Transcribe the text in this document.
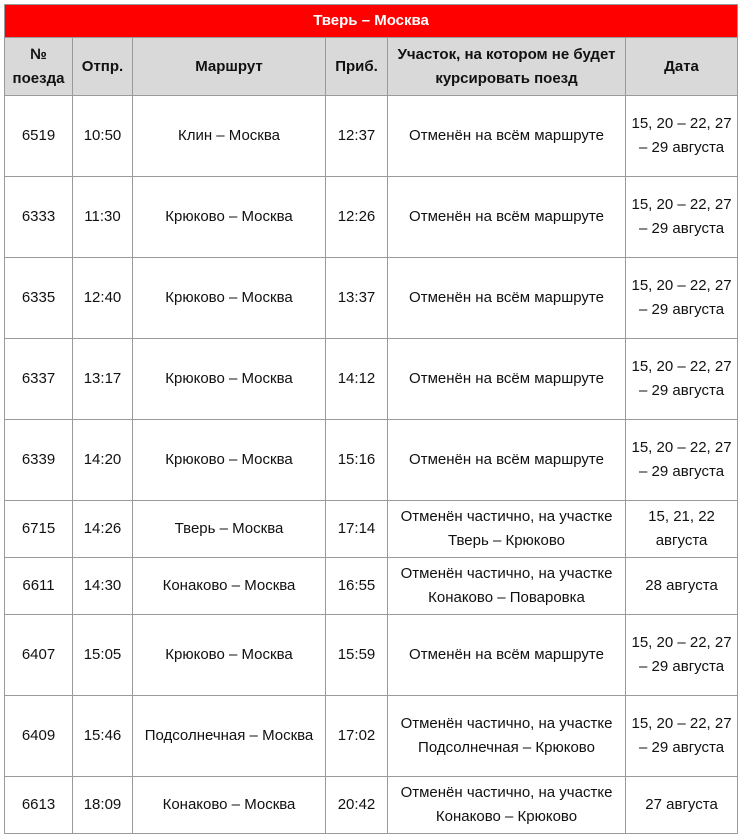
Тверь – Москва					
№ поезда	Отпр.	Маршрут	Приб.	Участок, на котором не будет курсировать поезд	Дата
6519	10:50	Клин – Москва	12:37	Отменён на всём маршруте	15, 20 – 22, 27 – 29 августа
6333	11:30	Крюково – Москва	12:26	Отменён на всём маршруте	15, 20 – 22, 27 – 29 августа
6335	12:40	Крюково – Москва	13:37	Отменён на всём маршруте	15, 20 – 22, 27 – 29 августа
6337	13:17	Крюково – Москва	14:12	Отменён на всём маршруте	15, 20 – 22, 27 – 29 августа
6339	14:20	Крюково – Москва	15:16	Отменён на всём маршруте	15, 20 – 22, 27 – 29 августа
6715	14:26	Тверь – Москва	17:14	Отменён частично, на участке Тверь – Крюково	15, 21, 22 августа
6611	14:30	Конаково – Москва	16:55	Отменён частично, на участке Конаково – Поваровка	28 августа
6407	15:05	Крюково – Москва	15:59	Отменён на всём маршруте	15, 20 – 22, 27 – 29 августа
6409	15:46	Подсолнечная – Москва	17:02	Отменён частично, на участке Подсолнечная – Крюково	15, 20 – 22, 27 – 29 августа
6613	18:09	Конаково – Москва	20:42	Отменён частично, на участке Конаково – Крюково	27 августа
